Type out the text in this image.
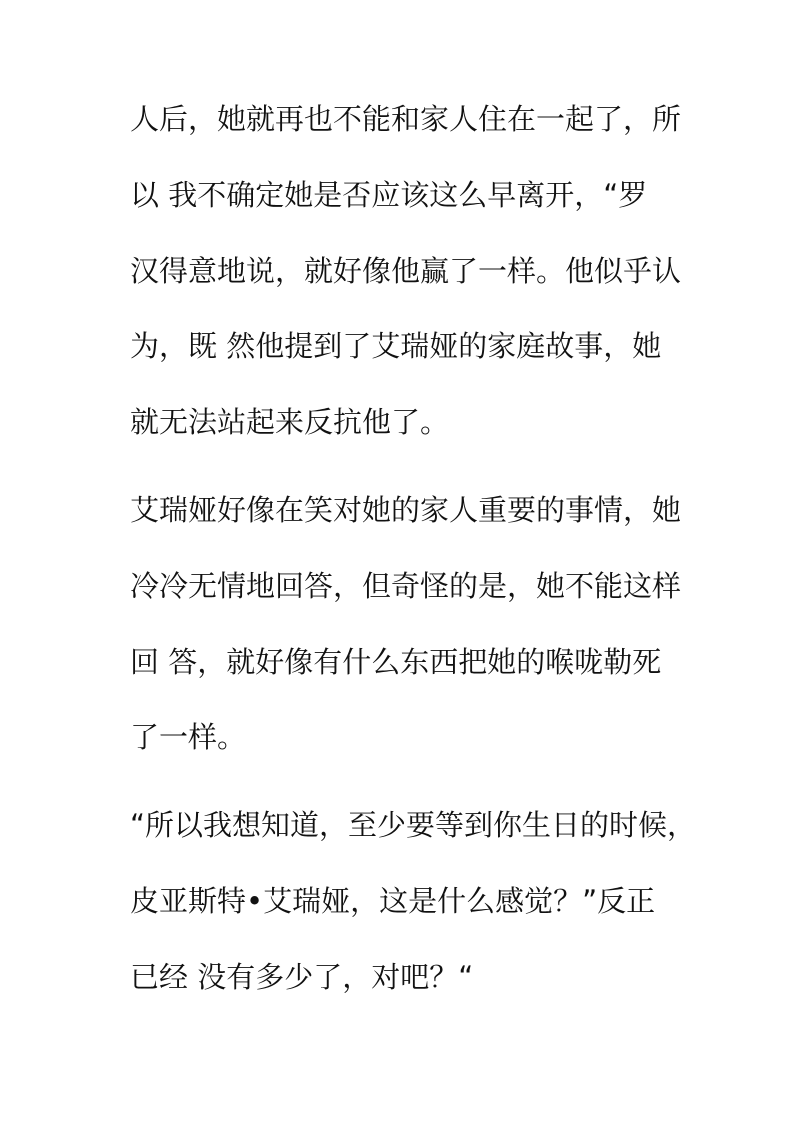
人后，她就再也不能和家人住在一起了，所
以 我不确定她是否应该这么早离开，“罗
汉得意地说，就好像他赢了一样。他似乎认
为，既 然他提到了艾瑞娅的家庭故事，她
就无法站起来反抗他了。
艾瑞娅好像在笑对她的家人重要的事情，她
冷冷无情地回答，但奇怪的是，她不能这样
回 答，就好像有什么东西把她的喉咙勒死
了一样。
“所以我想知道，至少要等到你生日的时候，
皮亚斯特•艾瑞娅，这是什么感觉？”反正
已经 没有多少了，对吧？“
